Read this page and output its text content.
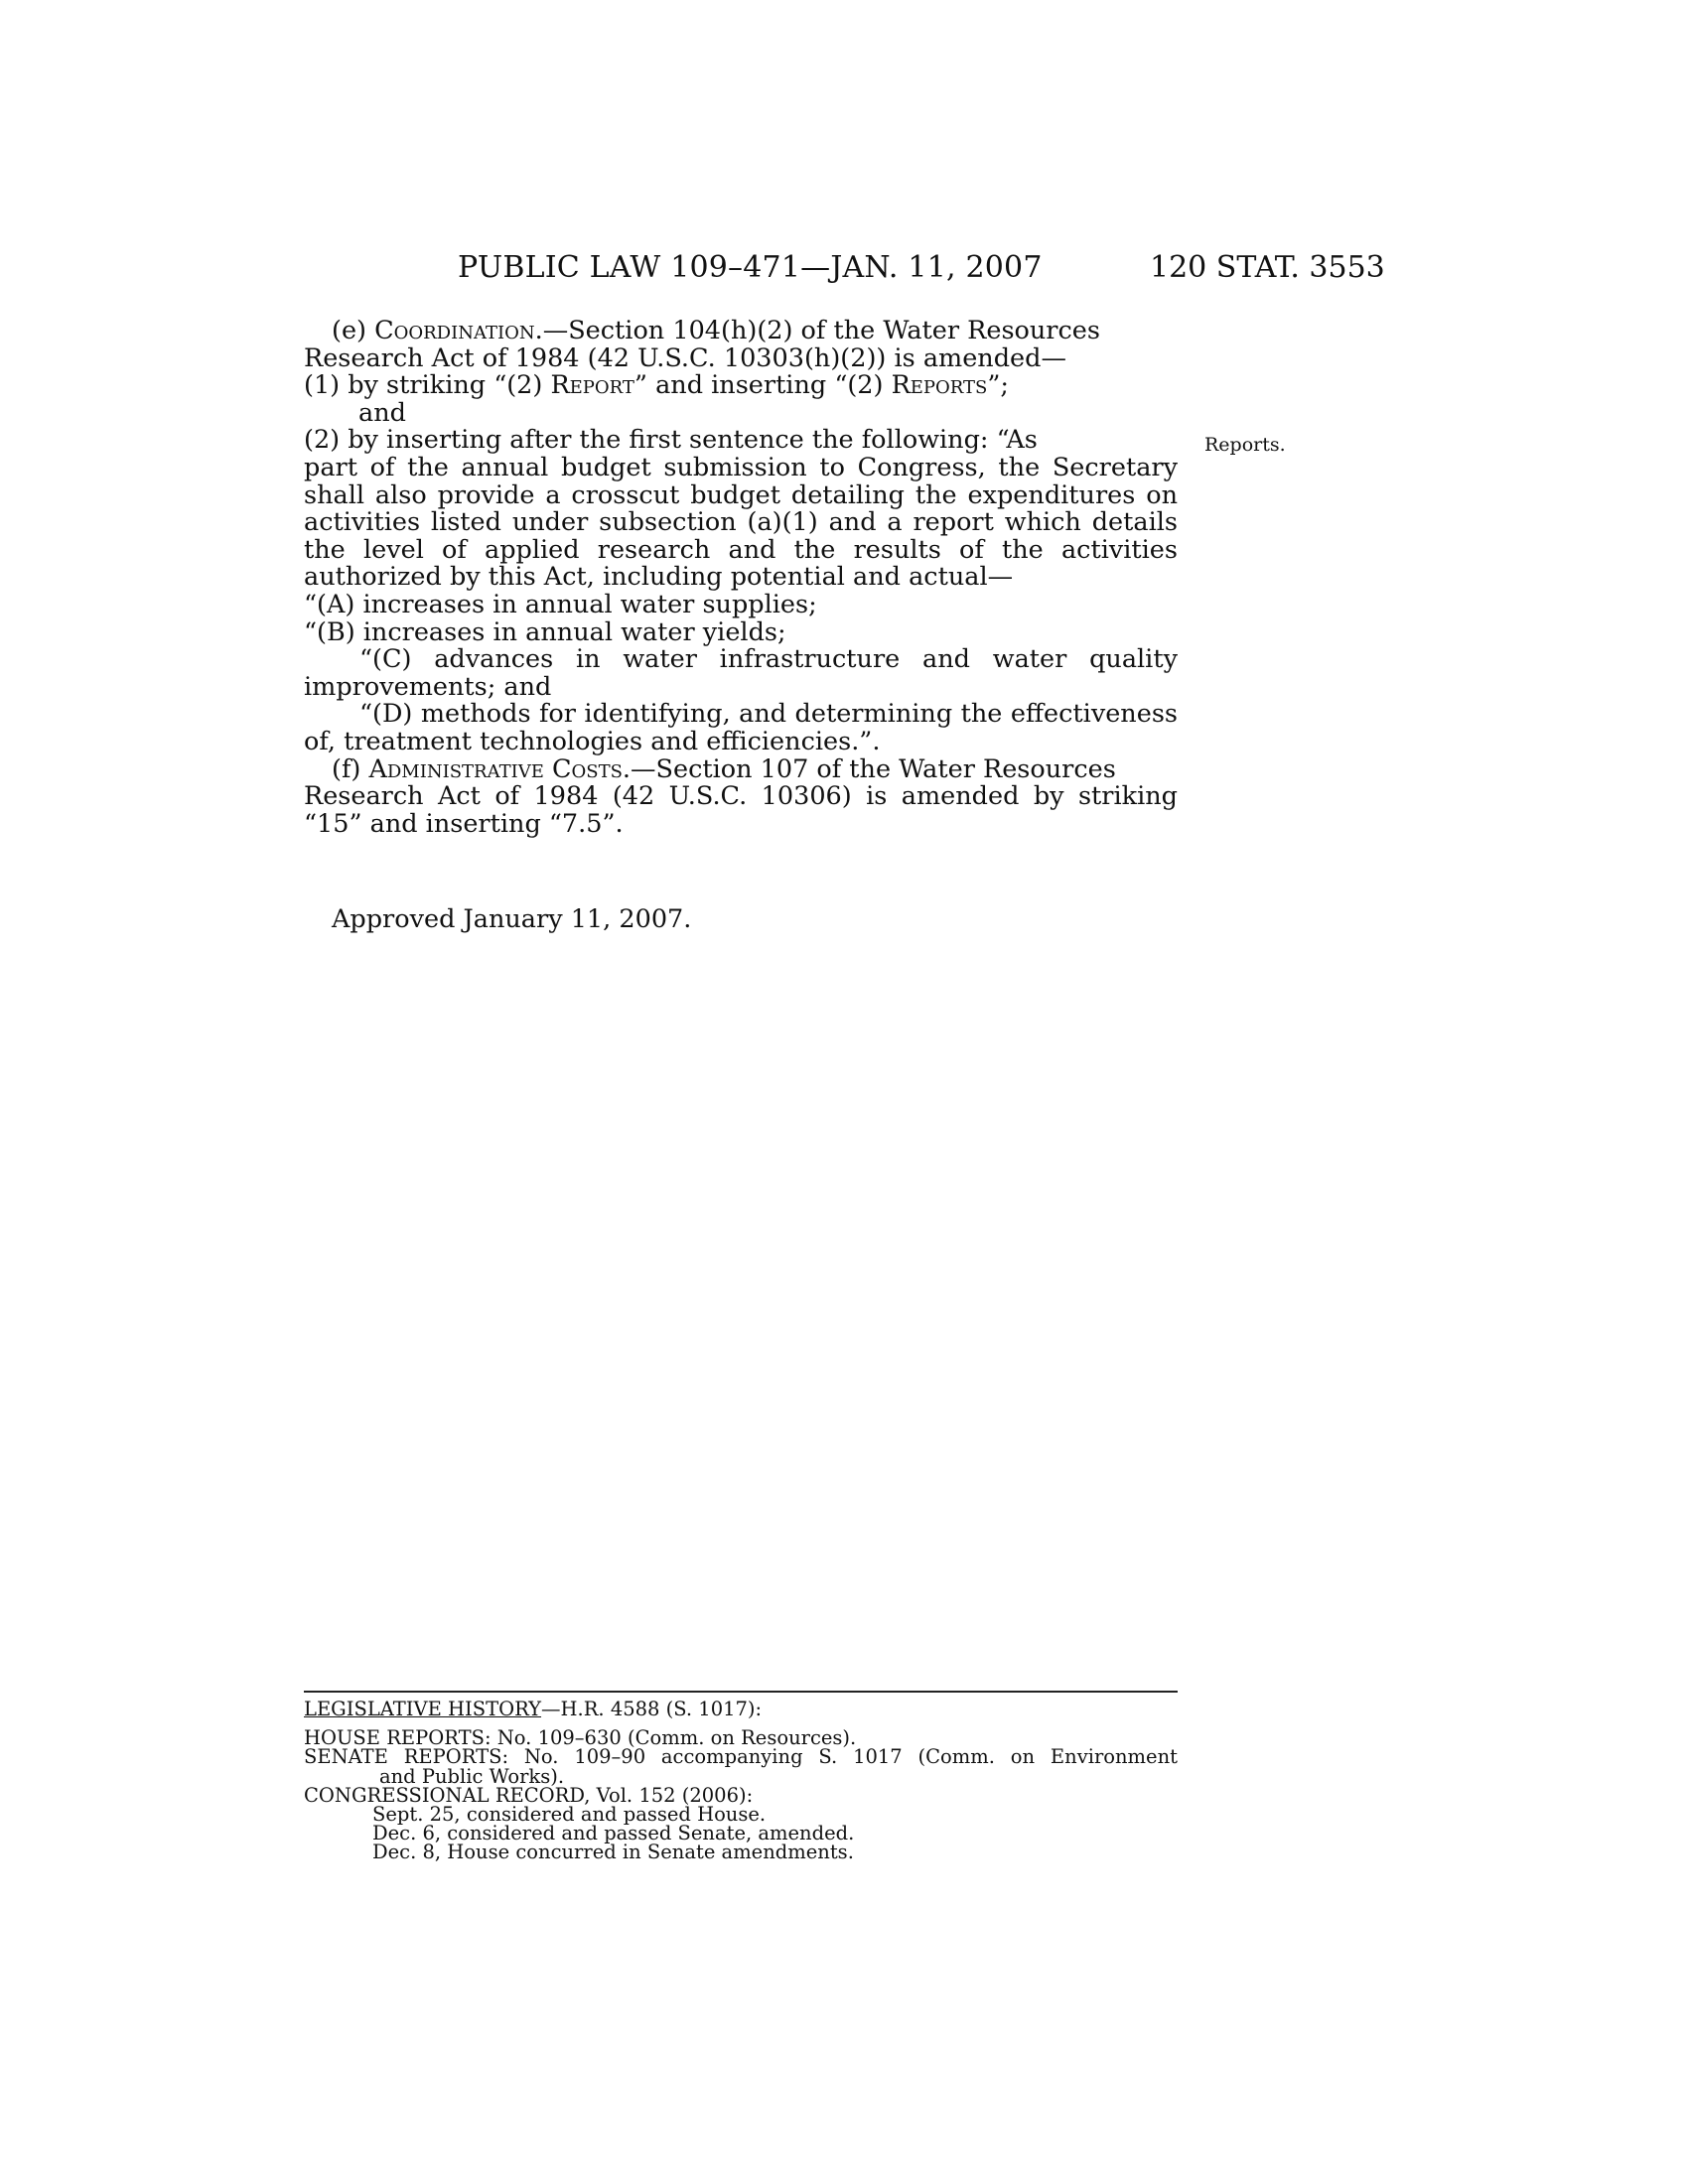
PUBLIC LAW 109–471—JAN. 11, 2007	120 STAT. 3553
Reports.

(e) Coordination.—Section 104(h)(2) of the Water Resources
Research Act of 1984 (42 U.S.C. 10303(h)(2)) is amended—

(1) by striking “(2) Report” and inserting “(2) Reports”;

and

(2) by inserting after the first sentence the following: “As

part of the annual budget submission to Congress, the Secretary shall also provide a crosscut budget detailing the expenditures on activities listed under subsection (a)(1) and a report which details the level of applied research and the results of the activities authorized by this Act, including potential and actual—

“(A) increases in annual water supplies;

“(B) increases in annual water yields;

“(C) advances in water infrastructure and water quality improvements; and

“(D) methods for identifying, and determining the effectiveness of, treatment technologies and efficiencies.”.

(f) Administrative Costs.—Section 107 of the Water Resources
Research Act of 1984 (42 U.S.C. 10306) is amended by striking “15” and inserting “7.5”.

Approved January 11, 2007.

LEGISLATIVE HISTORY—H.R. 4588 (S. 1017):

HOUSE REPORTS: No. 109–630 (Comm. on Resources).

SENATE REPORTS: No. 109–90 accompanying S. 1017 (Comm. on Environment

and Public Works).

CONGRESSIONAL RECORD, Vol. 152 (2006):

Sept. 25, considered and passed House.

Dec. 6, considered and passed Senate, amended.

Dec. 8, House concurred in Senate amendments.
